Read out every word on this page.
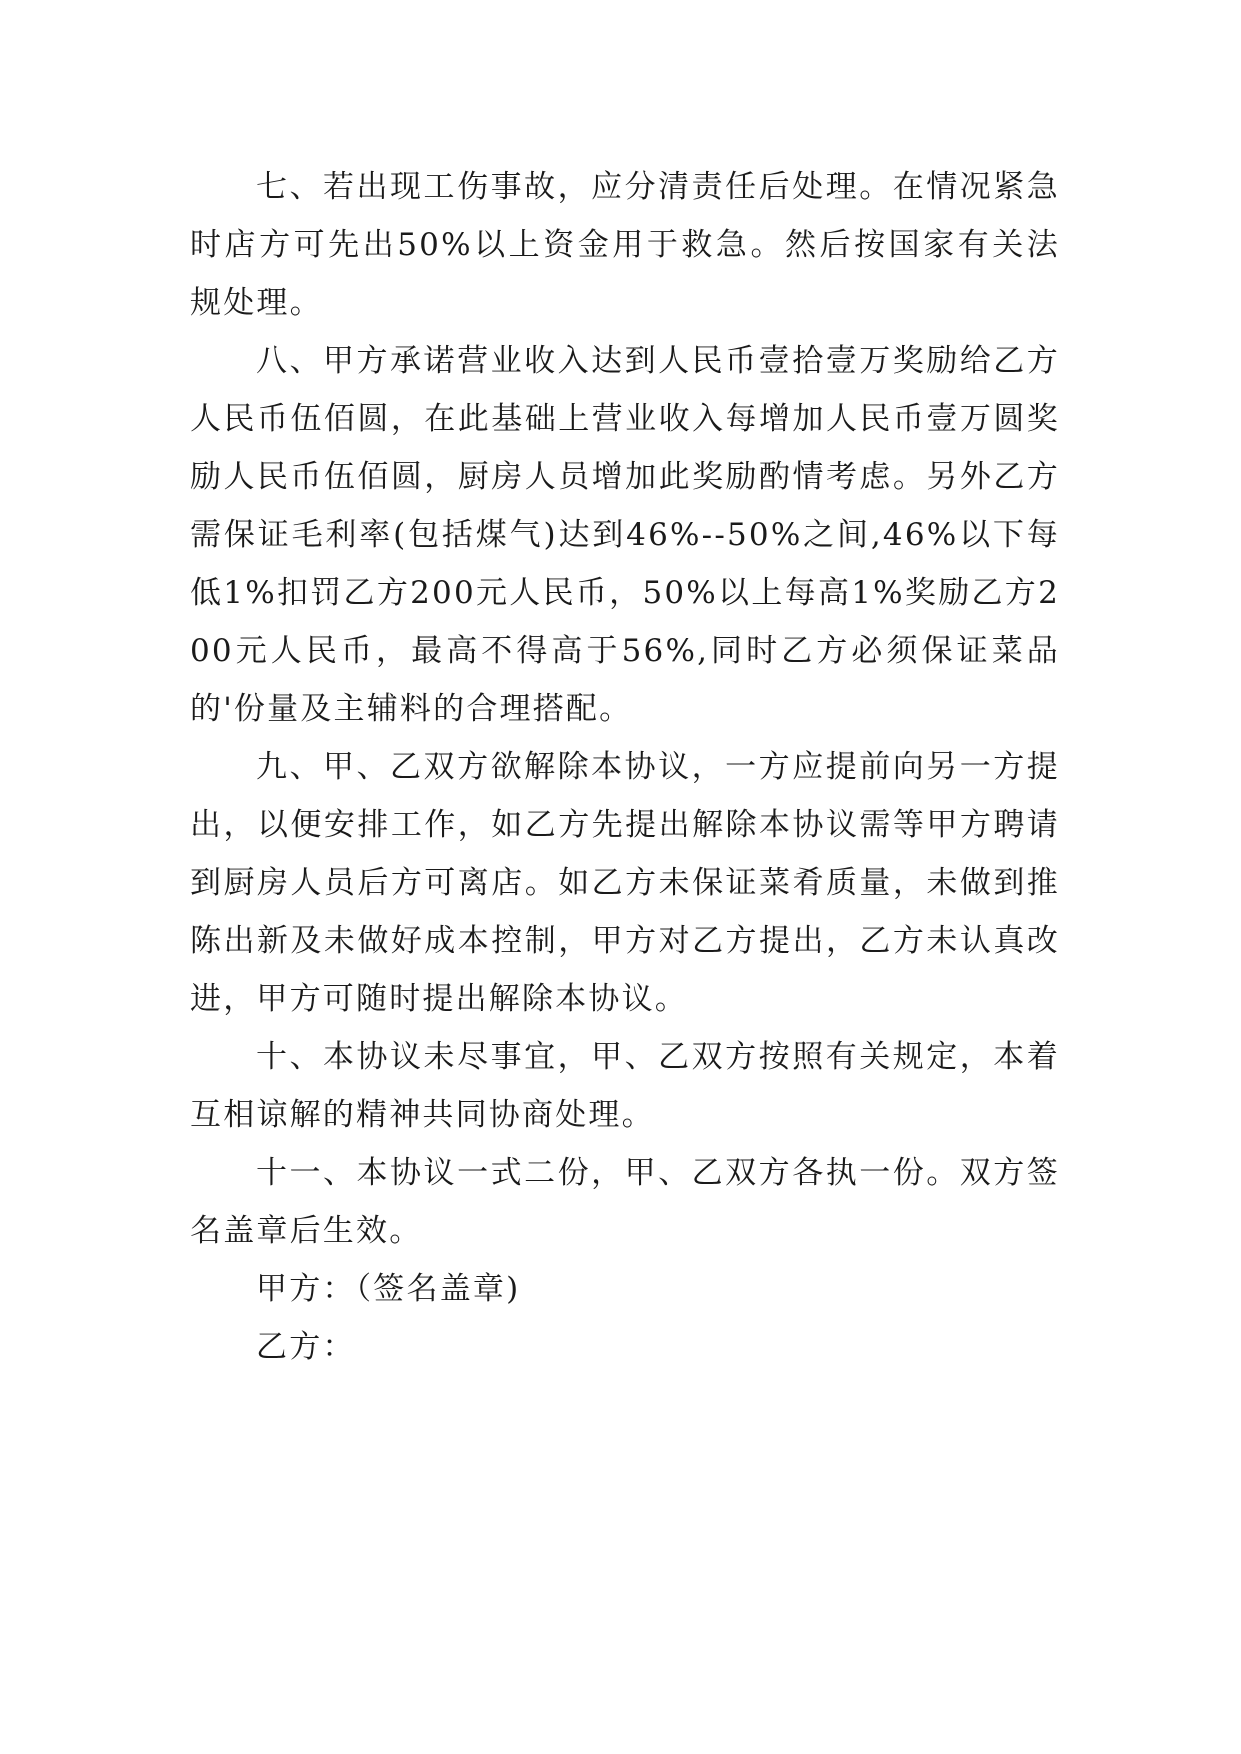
七、若出现工伤事故，应分清责任后处理。在情况紧急时店方可先出50%以上资金用于救急。然后按国家有关法规处理。

八、甲方承诺营业收入达到人民币壹拾壹万奖励给乙方人民币伍佰圆，在此基础上营业收入每增加人民币壹万圆奖励人民币伍佰圆，厨房人员增加此奖励酌情考虑。另外乙方需保证毛利率(包括煤气)达到46%--50%之间,46%以下每低1%扣罚乙方200元人民币，50%以上每高1%奖励乙方200元人民币，最高不得高于56%,同时乙方必须保证菜品的'份量及主辅料的合理搭配。

九、甲、乙双方欲解除本协议，一方应提前向另一方提出，以便安排工作，如乙方先提出解除本协议需等甲方聘请到厨房人员后方可离店。如乙方未保证菜肴质量，未做到推陈出新及未做好成本控制，甲方对乙方提出，乙方未认真改进，甲方可随时提出解除本协议。

十、本协议未尽事宜，甲、乙双方按照有关规定，本着互相谅解的精神共同协商处理。

十一、本协议一式二份，甲、乙双方各执一份。双方签名盖章后生效。

甲方：（签名盖章)

乙方：
